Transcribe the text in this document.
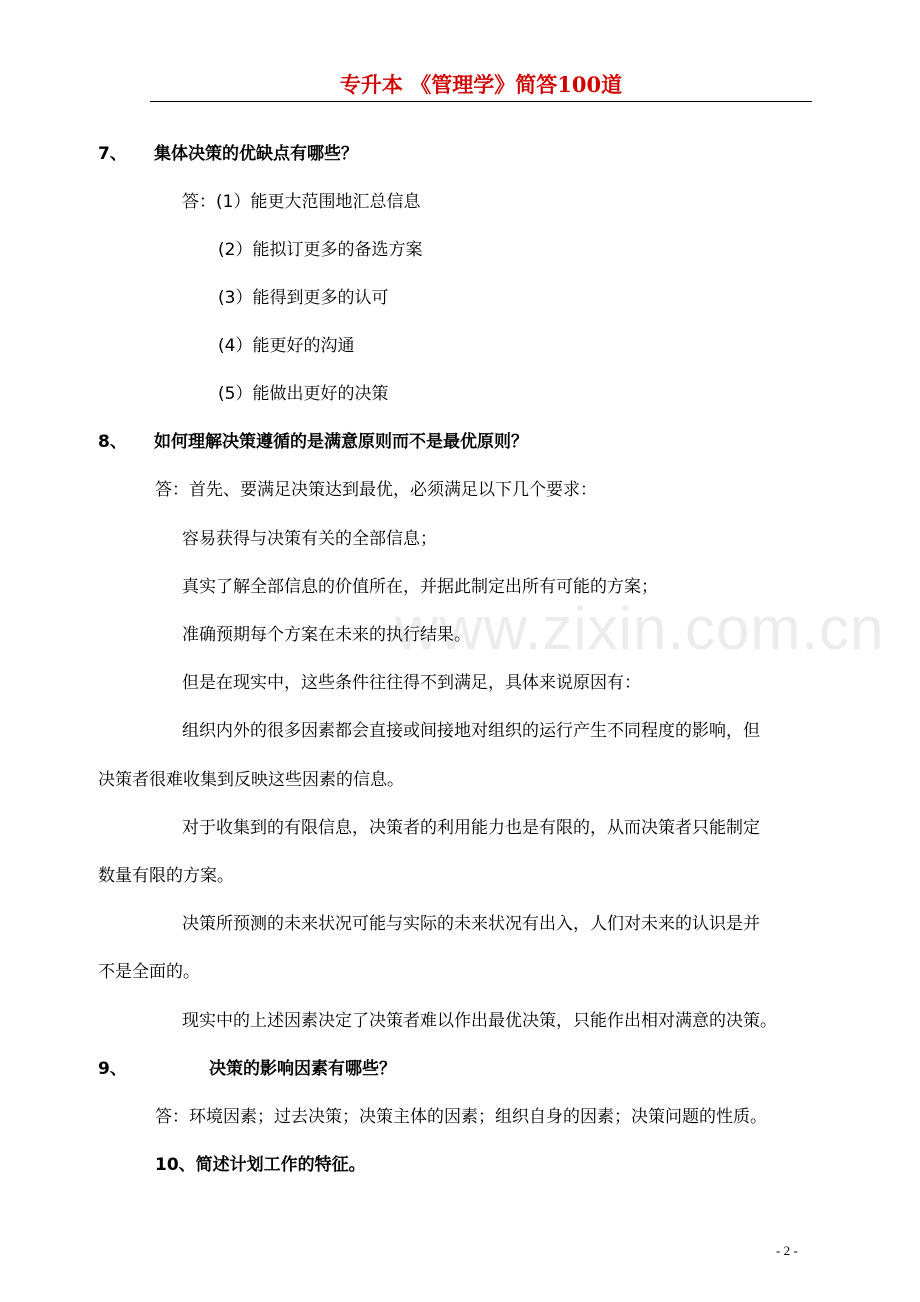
专升本 《管理学》简答100道
www.zixin.com.cn
7、 集体决策的优缺点有哪些？
答：(1）能更大范围地汇总信息
(2）能拟订更多的备选方案
(3）能得到更多的认可
(4）能更好的沟通
(5）能做出更好的决策
8、 如何理解决策遵循的是满意原则而不是最优原则？
答：首先、要满足决策达到最优，必须满足以下几个要求：
容易获得与决策有关的全部信息；
真实了解全部信息的价值所在，并据此制定出所有可能的方案；
准确预期每个方案在未来的执行结果。
但是在现实中，这些条件往往得不到满足，具体来说原因有：
组织内外的很多因素都会直接或间接地对组织的运行产生不同程度的影响，但
决策者很难收集到反映这些因素的信息。
对于收集到的有限信息，决策者的利用能力也是有限的，从而决策者只能制定
数量有限的方案。
决策所预测的未来状况可能与实际的未来状况有出入，人们对未来的认识是并
不是全面的。
现实中的上述因素决定了决策者难以作出最优决策，只能作出相对满意的决策。
9、	决策的影响因素有哪些？
答：环境因素；过去决策；决策主体的因素；组织自身的因素；决策问题的性质。
10、简述计划工作的特征。
- 2 -
